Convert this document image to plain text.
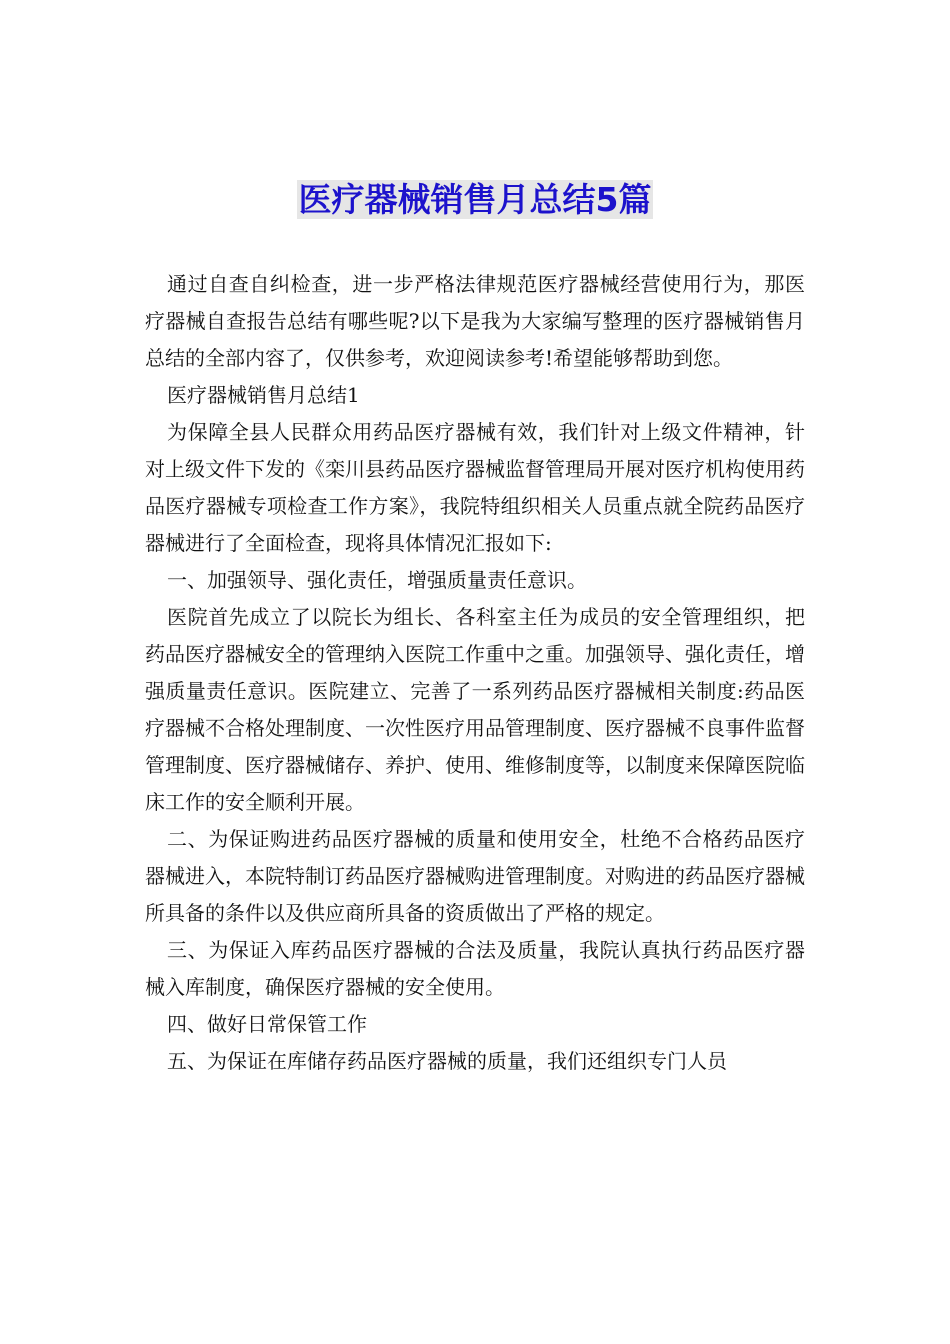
医疗器械销售月总结5篇

通过自查自纠检查，进一步严格法律规范医疗器械经营使用行为，那医疗器械自查报告总结有哪些呢?以下是我为大家编写整理的医疗器械销售月总结的全部内容了，仅供参考，欢迎阅读参考!希望能够帮助到您。

医疗器械销售月总结1

为保障全县人民群众用药品医疗器械有效，我们针对上级文件精神，针对上级文件下发的《栾川县药品医疗器械监督管理局开展对医疗机构使用药品医疗器械专项检查工作方案》，我院特组织相关人员重点就全院药品医疗器械进行了全面检查，现将具体情况汇报如下:

一、加强领导、强化责任，增强质量责任意识。

医院首先成立了以院长为组长、各科室主任为成员的安全管理组织，把药品医疗器械安全的管理纳入医院工作重中之重。加强领导、强化责任，增强质量责任意识。医院建立、完善了一系列药品医疗器械相关制度:药品医疗器械不合格处理制度、一次性医疗用品管理制度、医疗器械不良事件监督管理制度、医疗器械储存、养护、使用、维修制度等，以制度来保障医院临床工作的安全顺利开展。

二、为保证购进药品医疗器械的质量和使用安全，杜绝不合格药品医疗器械进入，本院特制订药品医疗器械购进管理制度。对购进的药品医疗器械所具备的条件以及供应商所具备的资质做出了严格的规定。

三、为保证入库药品医疗器械的合法及质量，我院认真执行药品医疗器械入库制度，确保医疗器械的安全使用。

四、做好日常保管工作

五、为保证在库储存药品医疗器械的质量，我们还组织专门人员
